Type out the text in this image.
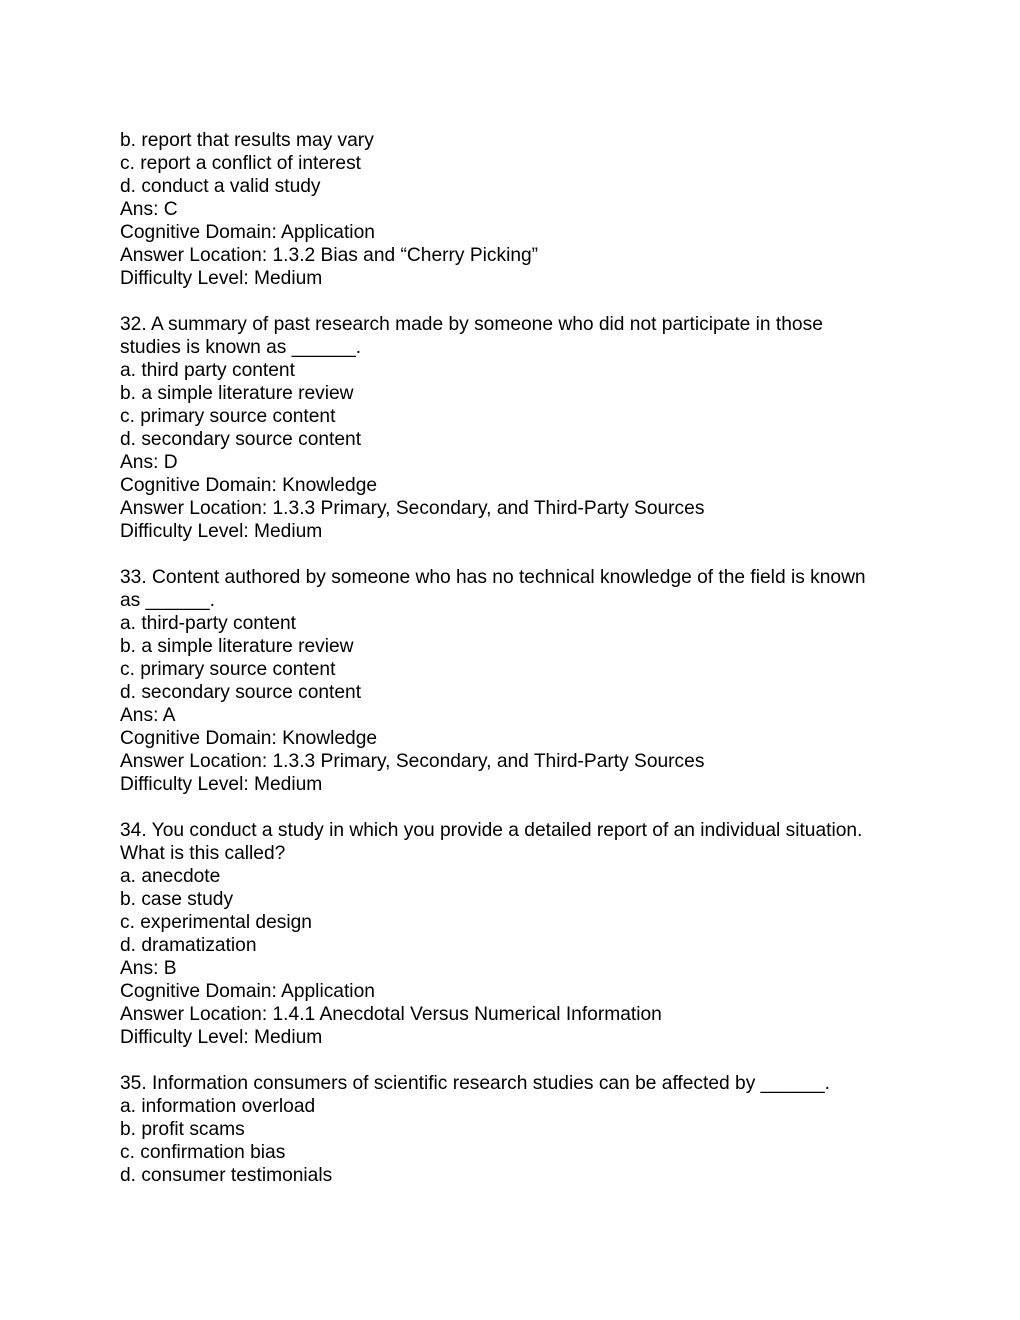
b. report that results may vary
c. report a conflict of interest
d. conduct a valid study
Ans: C
Cognitive Domain: Application
Answer Location: 1.3.2 Bias and “Cherry Picking”
Difficulty Level: Medium
32. A summary of past research made by someone who did not participate in those
studies is known as ______.
a. third party content
b. a simple literature review
c. primary source content
d. secondary source content
Ans: D
Cognitive Domain: Knowledge
Answer Location: 1.3.3 Primary, Secondary, and Third-Party Sources
Difficulty Level: Medium
33. Content authored by someone who has no technical knowledge of the field is known
as ______.
a. third-party content
b. a simple literature review
c. primary source content
d. secondary source content
Ans: A
Cognitive Domain: Knowledge
Answer Location: 1.3.3 Primary, Secondary, and Third-Party Sources
Difficulty Level: Medium
34. You conduct a study in which you provide a detailed report of an individual situation.
What is this called?
a. anecdote
b. case study
c. experimental design
d. dramatization
Ans: B
Cognitive Domain: Application
Answer Location: 1.4.1 Anecdotal Versus Numerical Information
Difficulty Level: Medium
35. Information consumers of scientific research studies can be affected by ______.
a. information overload
b. profit scams
c. confirmation bias
d. consumer testimonials
